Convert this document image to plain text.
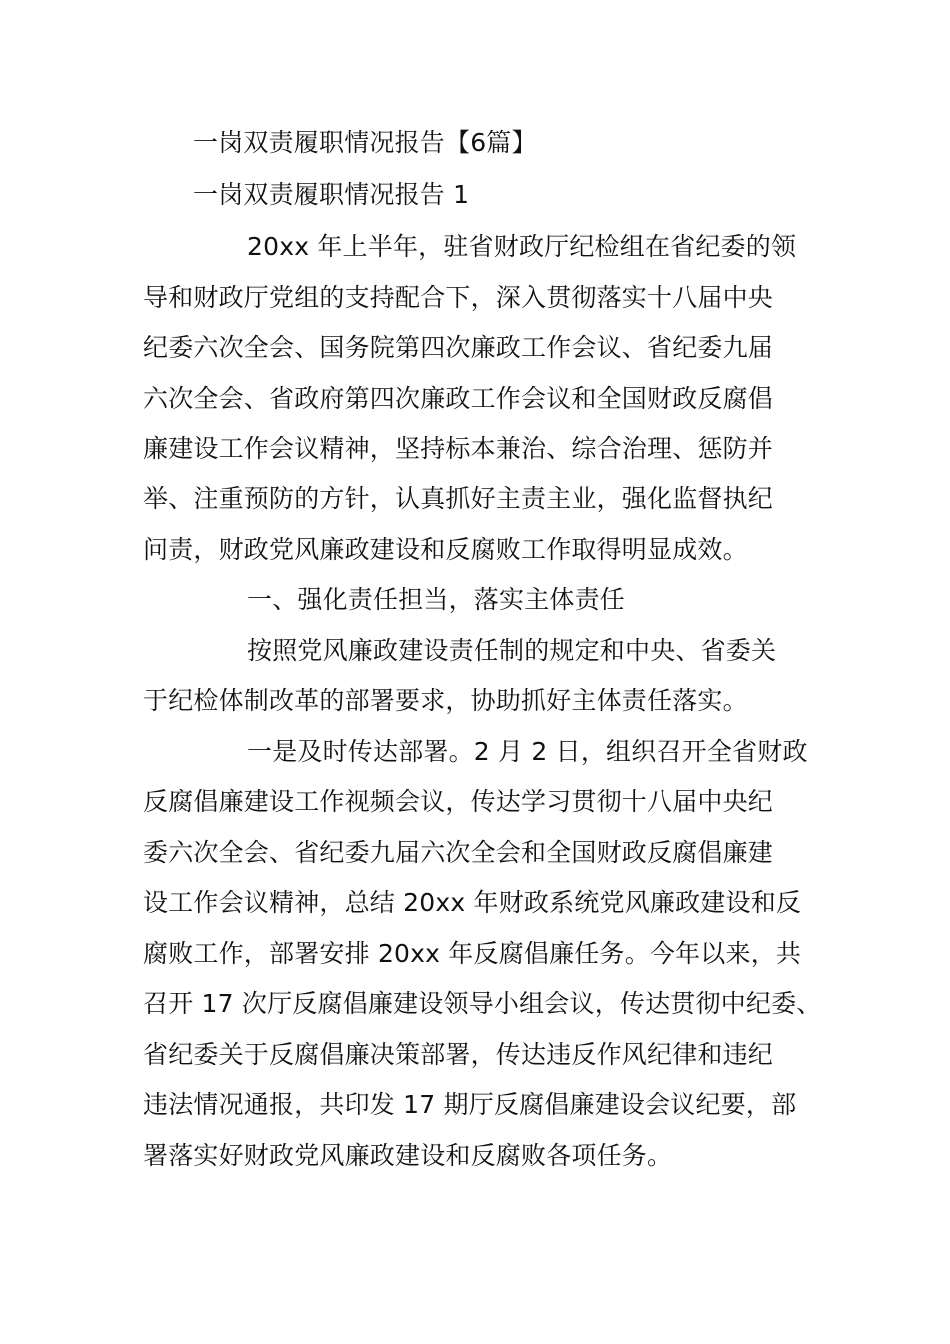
一岗双责履职情况报告【6篇】
一岗双责履职情况报告 1
20xx 年上半年，驻省财政厅纪检组在省纪委的领
导和财政厅党组的支持配合下，深入贯彻落实十八届中央
纪委六次全会、国务院第四次廉政工作会议、省纪委九届
六次全会、省政府第四次廉政工作会议和全国财政反腐倡
廉建设工作会议精神，坚持标本兼治、综合治理、惩防并
举、注重预防的方针，认真抓好主责主业，强化监督执纪
问责，财政党风廉政建设和反腐败工作取得明显成效。
一、强化责任担当，落实主体责任
按照党风廉政建设责任制的规定和中央、省委关
于纪检体制改革的部署要求，协助抓好主体责任落实。
一是及时传达部署。2 月 2 日，组织召开全省财政
反腐倡廉建设工作视频会议，传达学习贯彻十八届中央纪
委六次全会、省纪委九届六次全会和全国财政反腐倡廉建
设工作会议精神，总结 20xx 年财政系统党风廉政建设和反
腐败工作，部署安排 20xx 年反腐倡廉任务。今年以来，共
召开 17 次厅反腐倡廉建设领导小组会议，传达贯彻中纪委、
省纪委关于反腐倡廉决策部署，传达违反作风纪律和违纪
违法情况通报，共印发 17 期厅反腐倡廉建设会议纪要，部
署落实好财政党风廉政建设和反腐败各项任务。
